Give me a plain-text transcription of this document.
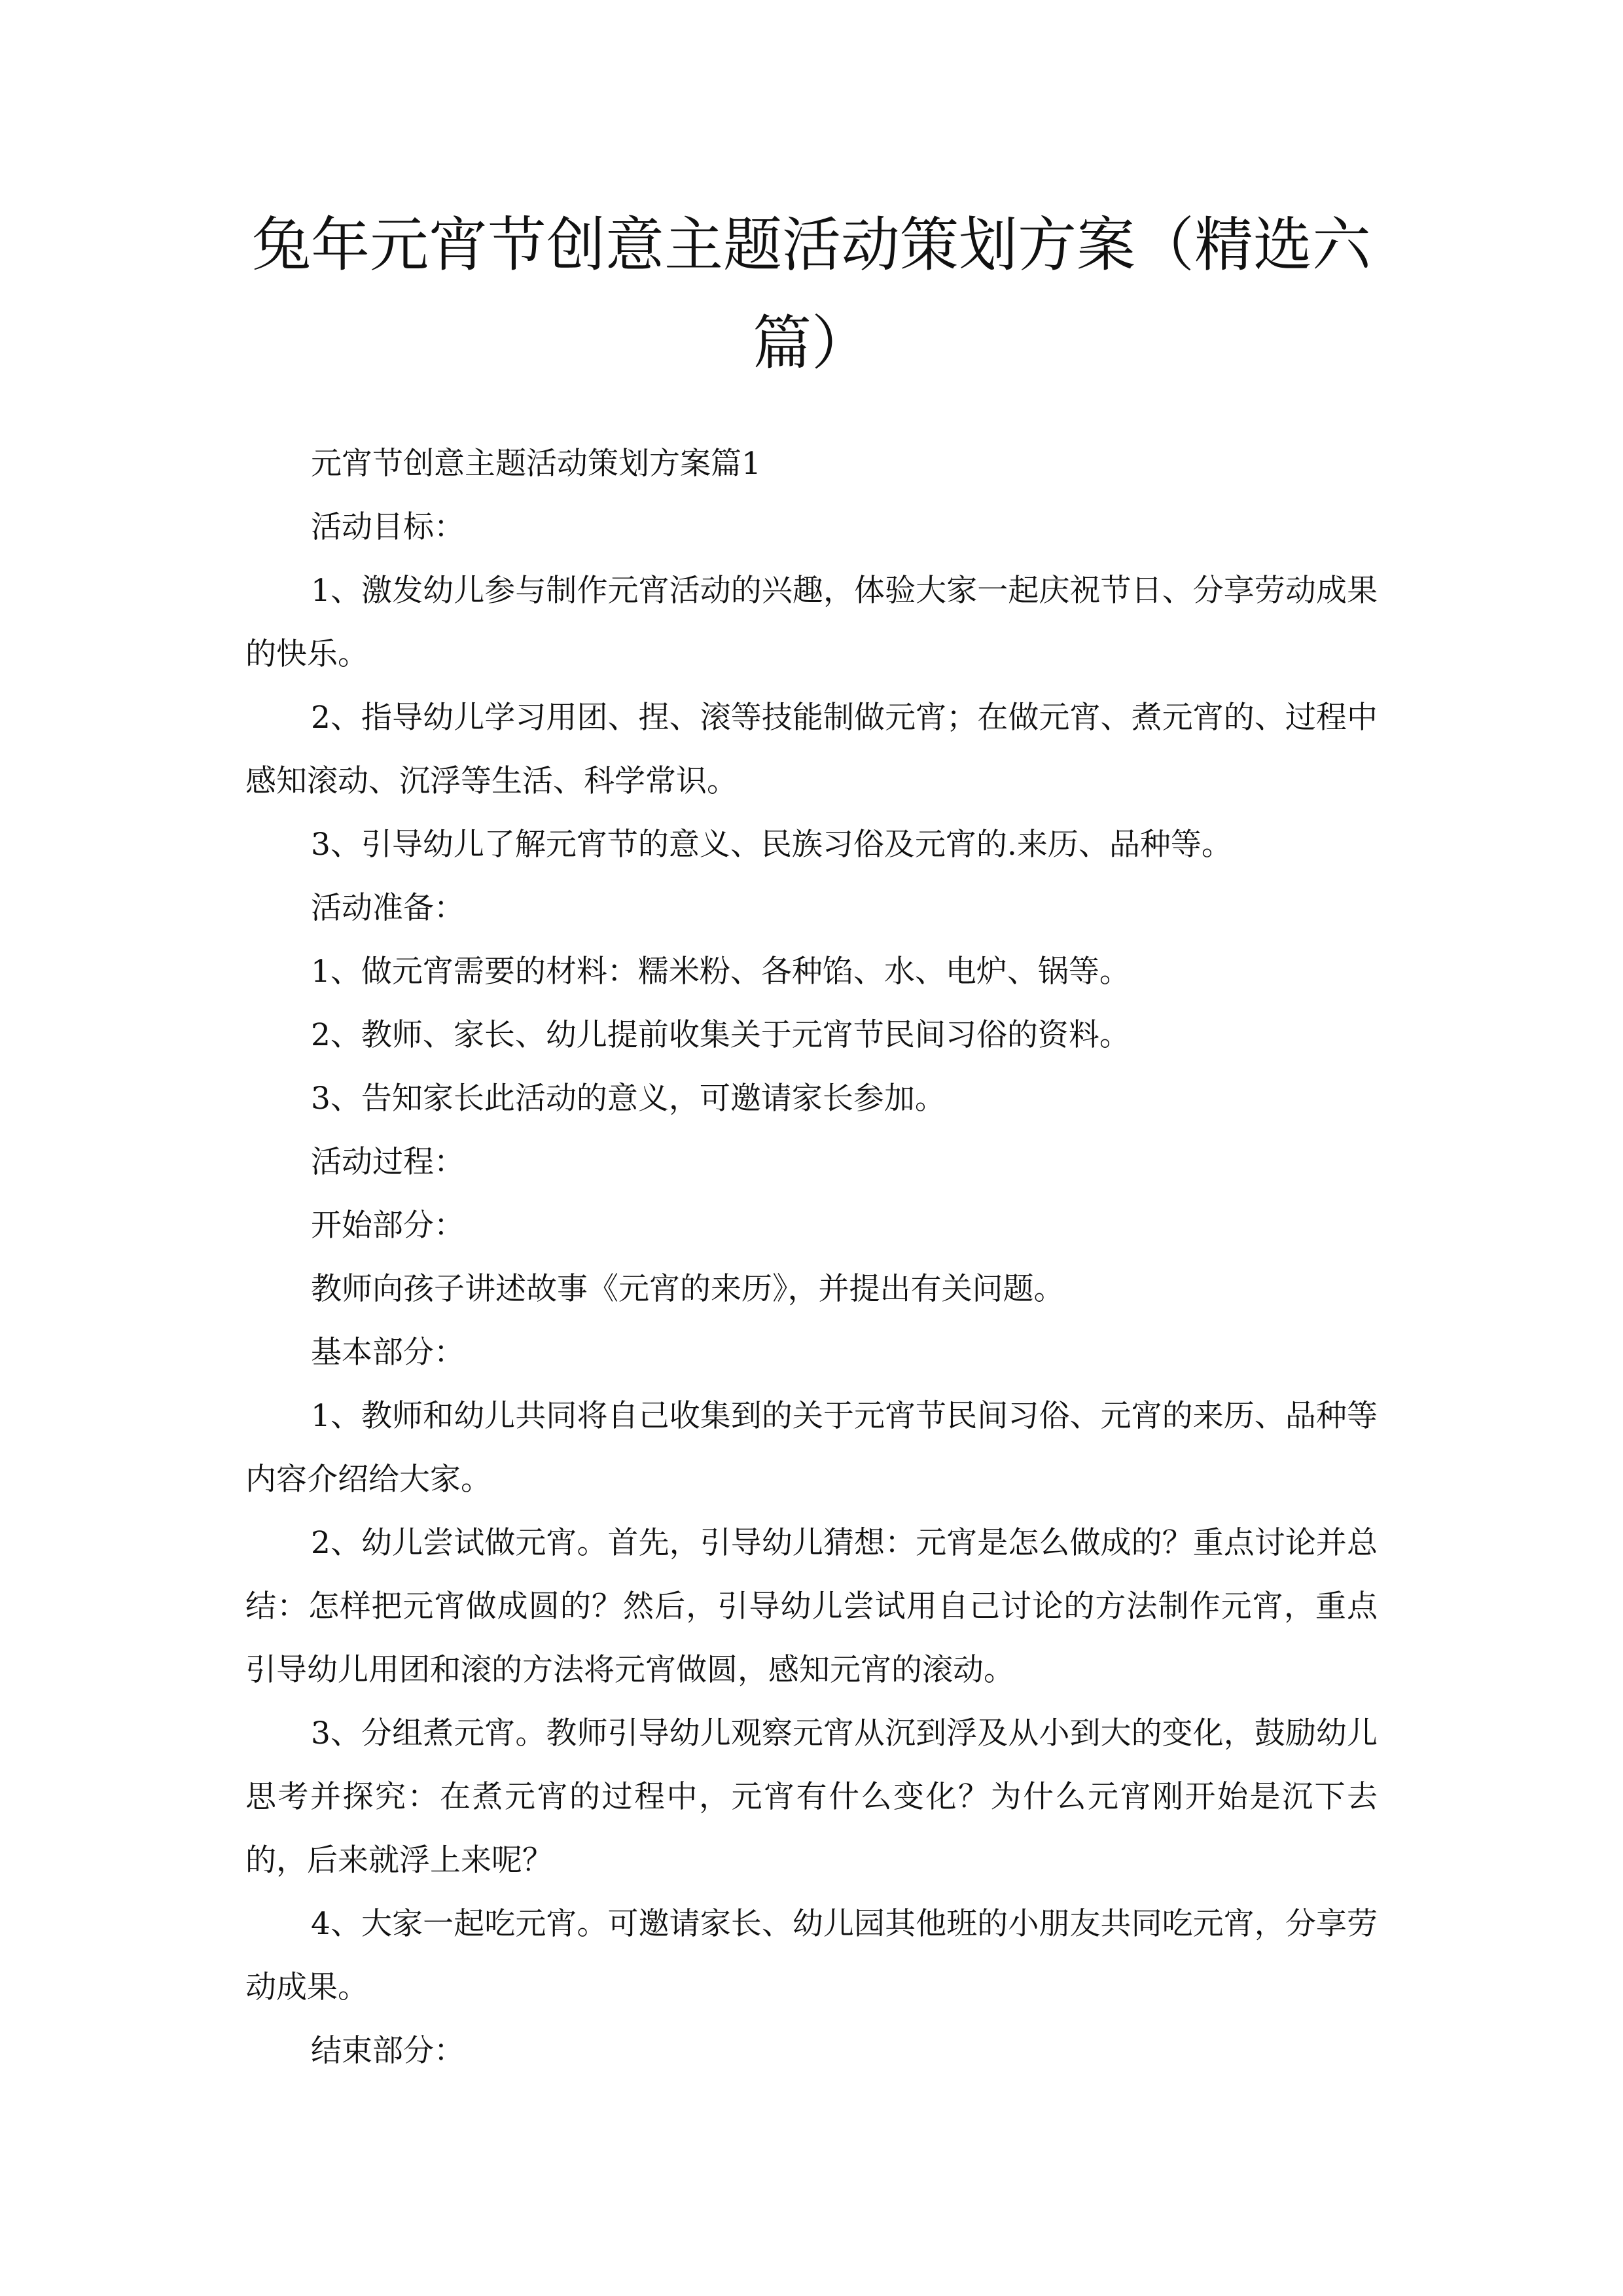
兔年元宵节创意主题活动策划方案（精选六篇）

元宵节创意主题活动策划方案篇1

活动目标：

1、激发幼儿参与制作元宵活动的兴趣，体验大家一起庆祝节日、分享劳动成果的快乐。

2、指导幼儿学习用团、捏、滚等技能制做元宵；在做元宵、煮元宵的、过程中感知滚动、沉浮等生活、科学常识。

3、引导幼儿了解元宵节的意义、民族习俗及元宵的.来历、品种等。

活动准备：

1、做元宵需要的材料：糯米粉、各种馅、水、电炉、锅等。

2、教师、家长、幼儿提前收集关于元宵节民间习俗的资料。

3、告知家长此活动的意义，可邀请家长参加。

活动过程：

开始部分：

教师向孩子讲述故事《元宵的来历》，并提出有关问题。

基本部分：

1、教师和幼儿共同将自己收集到的关于元宵节民间习俗、元宵的来历、品种等内容介绍给大家。

2、幼儿尝试做元宵。首先，引导幼儿猜想：元宵是怎么做成的？重点讨论并总结：怎样把元宵做成圆的？然后，引导幼儿尝试用自己讨论的方法制作元宵，重点引导幼儿用团和滚的方法将元宵做圆，感知元宵的滚动。

3、分组煮元宵。教师引导幼儿观察元宵从沉到浮及从小到大的变化，鼓励幼儿思考并探究：在煮元宵的过程中，元宵有什么变化？为什么元宵刚开始是沉下去的，后来就浮上来呢？

4、大家一起吃元宵。可邀请家长、幼儿园其他班的小朋友共同吃元宵，分享劳动成果。

结束部分：
